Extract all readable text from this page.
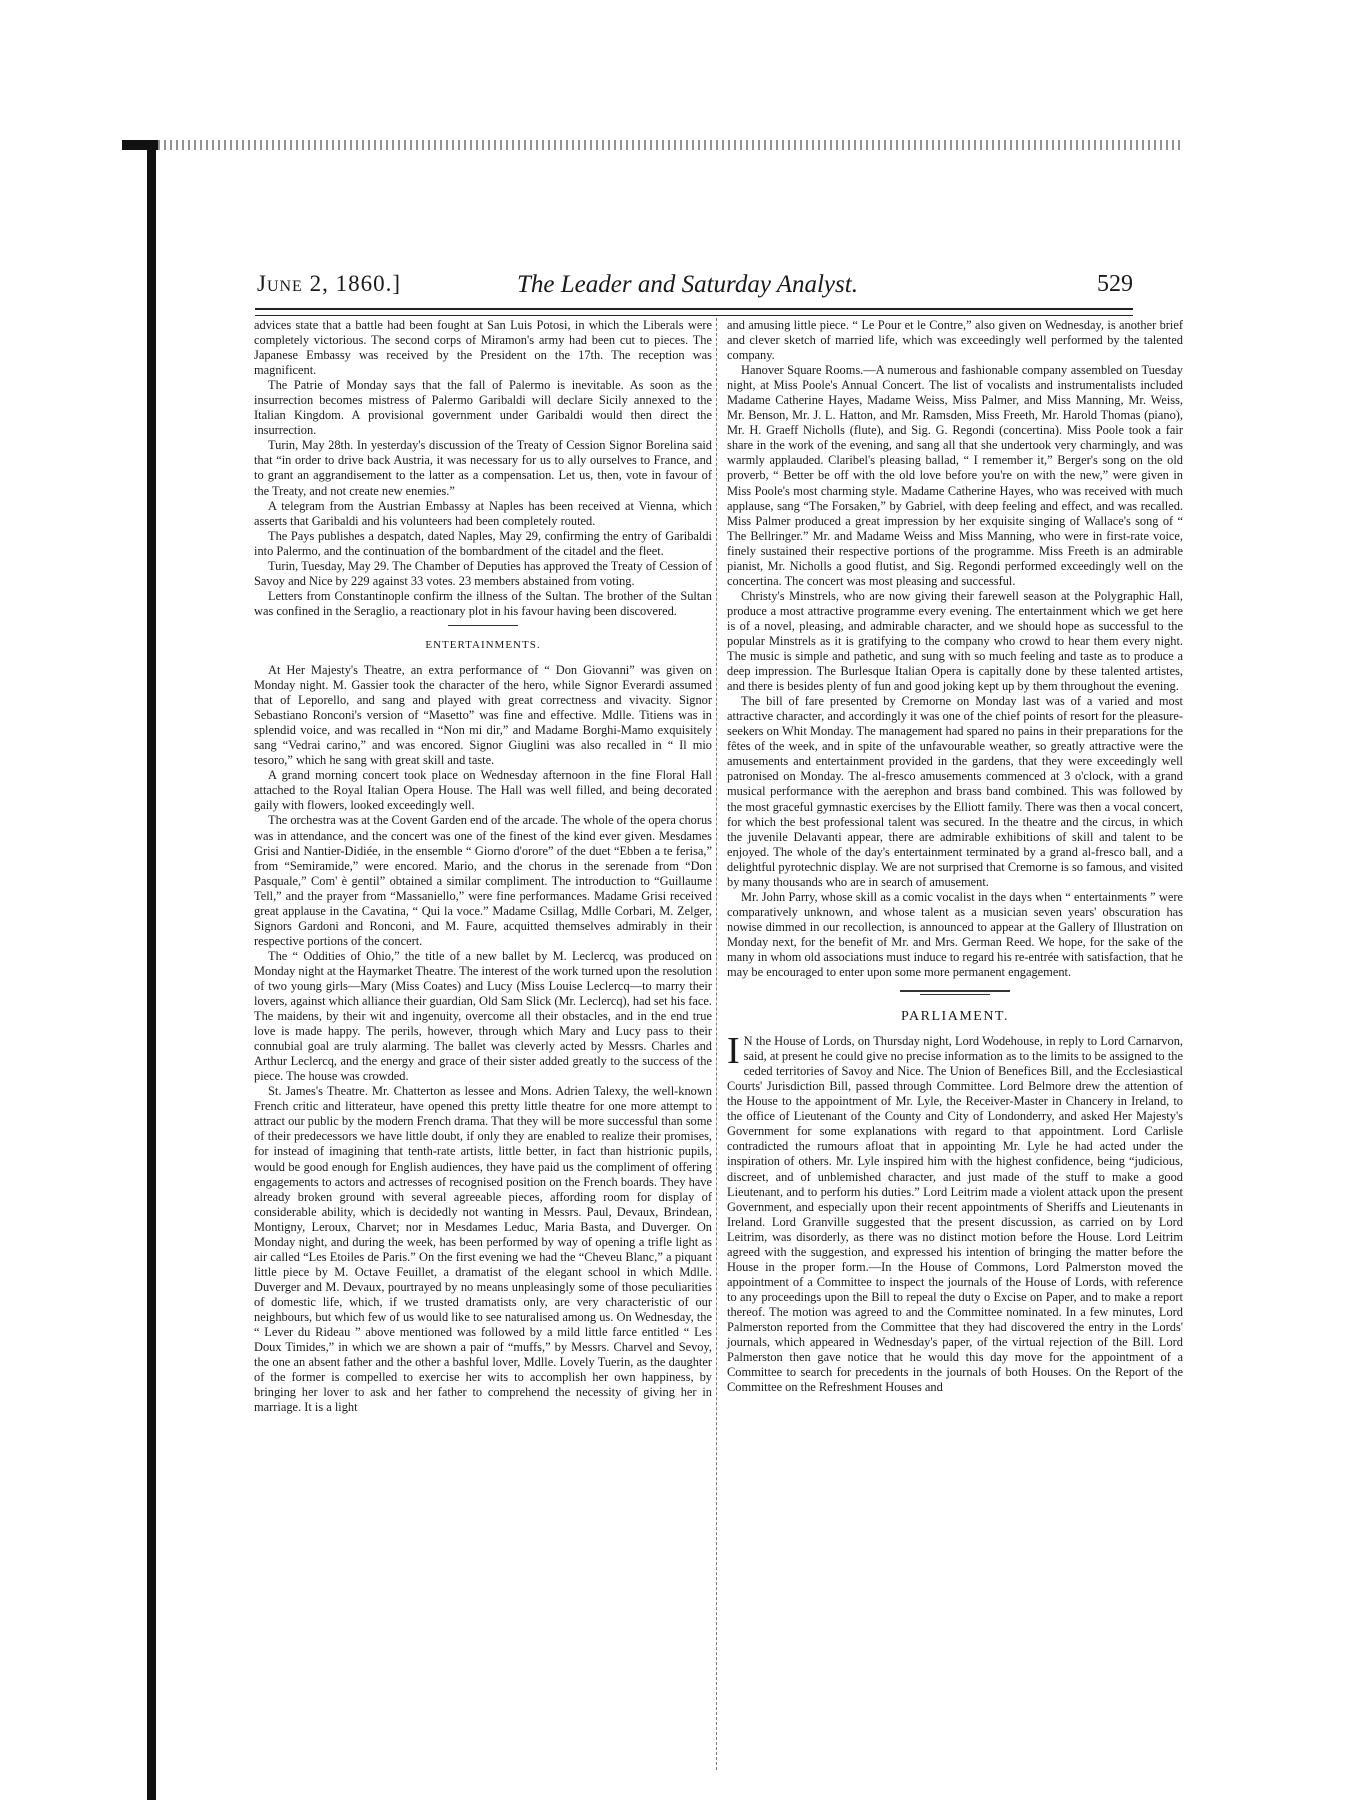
June 2, 1860.]	The Leader and Saturday Analyst.	529

advices state that a battle had been fought at San Luis Potosi, in which the Liberals were completely victorious. The second corps of Miramon's army had been cut to pieces. The Japanese Embassy was received by the President on the 17th. The reception was magnificent.

The Patrie of Monday says that the fall of Palermo is inevitable. As soon as the insurrection becomes mistress of Palermo Garibaldi will declare Sicily annexed to the Italian Kingdom. A provisional government under Garibaldi would then direct the insurrection.

Turin, May 28th. In yesterday's discussion of the Treaty of Cession Signor Borelina said that “in order to drive back Austria, it was necessary for us to ally ourselves to France, and to grant an aggrandisement to the latter as a compensation. Let us, then, vote in favour of the Treaty, and not create new enemies.”

A telegram from the Austrian Embassy at Naples has been received at Vienna, which asserts that Garibaldi and his volunteers had been completely routed.

The Pays publishes a despatch, dated Naples, May 29, confirming the entry of Garibaldi into Palermo, and the continuation of the bombardment of the citadel and the fleet.

Turin, Tuesday, May 29. The Chamber of Deputies has approved the Treaty of Cession of Savoy and Nice by 229 against 33 votes. 23 members abstained from voting.

Letters from Constantinople confirm the illness of the Sultan. The brother of the Sultan was confined in the Seraglio, a reactionary plot in his favour having been discovered.

ENTERTAINMENTS.

At Her Majesty's Theatre, an extra performance of “ Don Giovanni” was given on Monday night. M. Gassier took the character of the hero, while Signor Everardi assumed that of Leporello, and sang and played with great correctness and vivacity. Signor Sebastiano Ronconi's version of “Masetto” was fine and effective. Mdlle. Titiens was in splendid voice, and was recalled in “Non mi dir,” and Madame Borghi-Mamo exquisitely sang “Vedrai carino,” and was encored. Signor Giuglini was also recalled in “ Il mio tesoro,” which he sang with great skill and taste.

A grand morning concert took place on Wednesday afternoon in the fine Floral Hall attached to the Royal Italian Opera House. The Hall was well filled, and being decorated gaily with flowers, looked exceedingly well.

The orchestra was at the Covent Garden end of the arcade. The whole of the opera chorus was in attendance, and the concert was one of the finest of the kind ever given. Mesdames Grisi and Nantier-Didiée, in the ensemble “ Giorno d'orore” of the duet “Ebben a te ferisa,” from “Semiramide,” were encored. Mario, and the chorus in the serenade from “Don Pasquale,” Com' è gentil” obtained a similar compliment. The introduction to “Guillaume Tell,” and the prayer from “Massaniello,” were fine performances. Madame Grisi received great applause in the Cavatina, “ Qui la voce.” Madame Csillag, Mdlle Corbari, M. Zelger, Signors Gardoni and Ronconi, and M. Faure, acquitted themselves admirably in their respective portions of the concert.

The “ Oddities of Ohio,” the title of a new ballet by M. Leclercq, was produced on Monday night at the Haymarket Theatre. The interest of the work turned upon the resolution of two young girls—Mary (Miss Coates) and Lucy (Miss Louise Leclercq—to marry their lovers, against which alliance their guardian, Old Sam Slick (Mr. Leclercq), had set his face. The maidens, by their wit and ingenuity, overcome all their obstacles, and in the end true love is made happy. The perils, however, through which Mary and Lucy pass to their connubial goal are truly alarming. The ballet was cleverly acted by Messrs. Charles and Arthur Leclercq, and the energy and grace of their sister added greatly to the success of the piece. The house was crowded.

St. James's Theatre. Mr. Chatterton as lessee and Mons. Adrien Talexy, the well-known French critic and litterateur, have opened this pretty little theatre for one more attempt to attract our public by the modern French drama. That they will be more successful than some of their predecessors we have little doubt, if only they are enabled to realize their promises, for instead of imagining that tenth-rate artists, little better, in fact than histrionic pupils, would be good enough for English audiences, they have paid us the compliment of offering engagements to actors and actresses of recognised position on the French boards. They have already broken ground with several agreeable pieces, affording room for display of considerable ability, which is decidedly not wanting in Messrs. Paul, Devaux, Brindean, Montigny, Leroux, Charvet; nor in Mesdames Leduc, Maria Basta, and Duverger. On Monday night, and during the week, has been performed by way of opening a trifle light as air called “Les Etoiles de Paris.” On the first evening we had the “Cheveu Blanc,” a piquant little piece by M. Octave Feuillet, a dramatist of the elegant school in which Mdlle. Duverger and M. Devaux, pourtrayed by no means unpleasingly some of those peculiarities of domestic life, which, if we trusted dramatists only, are very characteristic of our neighbours, but which few of us would like to see naturalised among us. On Wednesday, the “ Lever du Rideau ” above mentioned was followed by a mild little farce entitled “ Les Doux Timides,” in which we are shown a pair of “muffs,” by Messrs. Charvel and Sevoy, the one an absent father and the other a bashful lover, Mdlle. Lovely Tuerin, as the daughter of the former is compelled to exercise her wits to accomplish her own happiness, by bringing her lover to ask and her father to comprehend the necessity of giving her in marriage. It is a light

and amusing little piece. “ Le Pour et le Contre,” also given on Wednesday, is another brief and clever sketch of married life, which was exceedingly well performed by the talented company.

Hanover Square Rooms.—A numerous and fashionable company assembled on Tuesday night, at Miss Poole's Annual Concert. The list of vocalists and instrumentalists included Madame Catherine Hayes, Madame Weiss, Miss Palmer, and Miss Manning, Mr. Weiss, Mr. Benson, Mr. J. L. Hatton, and Mr. Ramsden, Miss Freeth, Mr. Harold Thomas (piano), Mr. H. Graeff Nicholls (flute), and Sig. G. Regondi (concertina). Miss Poole took a fair share in the work of the evening, and sang all that she undertook very charmingly, and was warmly applauded. Claribel's pleasing ballad, “ I remember it,” Berger's song on the old proverb, “ Better be off with the old love before you're on with the new,” were given in Miss Poole's most charming style. Madame Catherine Hayes, who was received with much applause, sang “The Forsaken,” by Gabriel, with deep feeling and effect, and was recalled. Miss Palmer produced a great impression by her exquisite singing of Wallace's song of “ The Bellringer.” Mr. and Madame Weiss and Miss Manning, who were in first-rate voice, finely sustained their respective portions of the programme. Miss Freeth is an admirable pianist, Mr. Nicholls a good flutist, and Sig. Regondi performed exceedingly well on the concertina. The concert was most pleasing and successful.

Christy's Minstrels, who are now giving their farewell season at the Polygraphic Hall, produce a most attractive programme every evening. The entertainment which we get here is of a novel, pleasing, and admirable character, and we should hope as successful to the popular Minstrels as it is gratifying to the company who crowd to hear them every night. The music is simple and pathetic, and sung with so much feeling and taste as to produce a deep impression. The Burlesque Italian Opera is capitally done by these talented artistes, and there is besides plenty of fun and good joking kept up by them throughout the evening.

The bill of fare presented by Cremorne on Monday last was of a varied and most attractive character, and accordingly it was one of the chief points of resort for the pleasure-seekers on Whit Monday. The management had spared no pains in their preparations for the fêtes of the week, and in spite of the unfavourable weather, so greatly attractive were the amusements and entertainment provided in the gardens, that they were exceedingly well patronised on Monday. The al-fresco amusements commenced at 3 o'clock, with a grand musical performance with the aerephon and brass band combined. This was followed by the most graceful gymnastic exercises by the Elliott family. There was then a vocal concert, for which the best professional talent was secured. In the theatre and the circus, in which the juvenile Delavanti appear, there are admirable exhibitions of skill and talent to be enjoyed. The whole of the day's entertainment terminated by a grand al-fresco ball, and a delightful pyrotechnic display. We are not surprised that Cremorne is so famous, and visited by many thousands who are in search of amusement.

Mr. John Parry, whose skill as a comic vocalist in the days when “ entertainments ” were comparatively unknown, and whose talent as a musician seven years' obscuration has nowise dimmed in our recollection, is announced to appear at the Gallery of Illustration on Monday next, for the benefit of Mr. and Mrs. German Reed. We hope, for the sake of the many in whom old associations must induce to regard his re-entrée with satisfaction, that he may be encouraged to enter upon some more permanent engagement.

PARLIAMENT.

I N the House of Lords, on Thursday night, Lord Wodehouse, in reply to Lord Carnarvon, said, at present he could give no precise information as to the limits to be assigned to the ceded territories of Savoy and Nice. The Union of Benefices Bill, and the Ecclesiastical Courts' Jurisdiction Bill, passed through Committee. Lord Belmore drew the attention of the House to the appointment of Mr. Lyle, the Receiver-Master in Chancery in Ireland, to the office of Lieutenant of the County and City of Londonderry, and asked Her Majesty's Government for some explanations with regard to that appointment. Lord Carlisle contradicted the rumours afloat that in appointing Mr. Lyle he had acted under the inspiration of others. Mr. Lyle inspired him with the highest confidence, being “judicious, discreet, and of unblemished character, and just made of the stuff to make a good Lieutenant, and to perform his duties.” Lord Leitrim made a violent attack upon the present Government, and especially upon their recent appointments of Sheriffs and Lieutenants in Ireland. Lord Granville suggested that the present discussion, as carried on by Lord Leitrim, was disorderly, as there was no distinct motion before the House. Lord Leitrim agreed with the suggestion, and expressed his intention of bringing the matter before the House in the proper form.—In the House of Commons, Lord Palmerston moved the appointment of a Committee to inspect the journals of the House of Lords, with reference to any proceedings upon the Bill to repeal the duty o Excise on Paper, and to make a report thereof. The motion was agreed to and the Committee nominated. In a few minutes, Lord Palmerston reported from the Committee that they had discovered the entry in the Lords' journals, which appeared in Wednesday's paper, of the virtual rejection of the Bill. Lord Palmerston then gave notice that he would this day move for the appointment of a Committee to search for precedents in the journals of both Houses. On the Report of the Committee on the Refreshment Houses and
